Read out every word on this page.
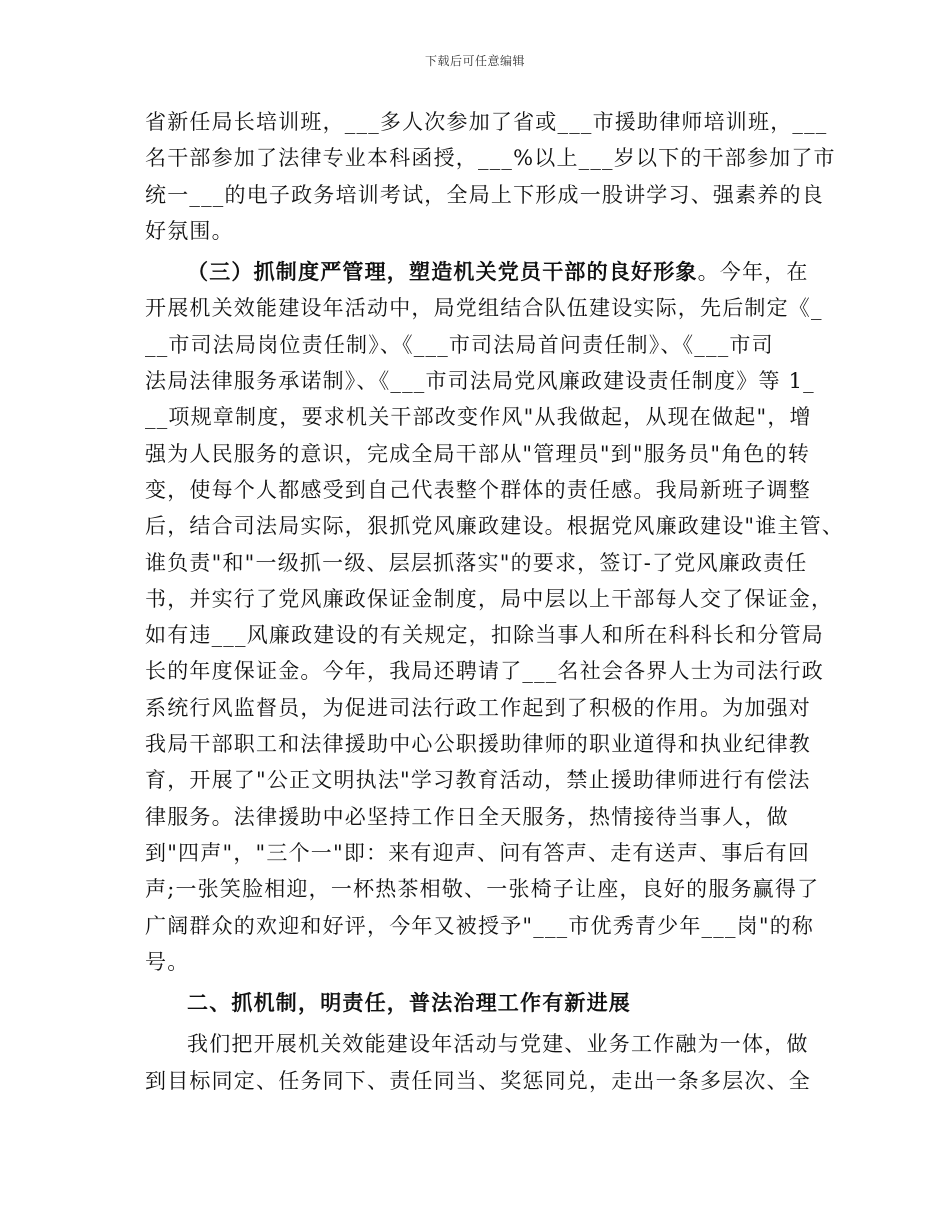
下载后可任意编辑
省新任局长培训班，___多人次参加了省或___市援助律师培训班，___
名干部参加了法律专业本科函授，___%以上___岁以下的干部参加了市
统一___的电子政务培训考试，全局上下形成一股讲学习、强素养的良
好氛围。
（三）抓制度严管理，塑造机关党员干部的良好形象。今年，在
开展机关效能建设年活动中，局党组结合队伍建设实际，先后制定《_
__市司法局岗位责任制》、《___市司法局首问责任制》、《___市司
法局法律服务承诺制》、《___市司法局党风廉政建设责任制度》等 1_
__项规章制度，要求机关干部改变作风"从我做起，从现在做起"，增
强为人民服务的意识，完成全局干部从"管理员"到"服务员"角色的转
变，使每个人都感受到自己代表整个群体的责任感。我局新班子调整
后，结合司法局实际，狠抓党风廉政建设。根据党风廉政建设"谁主管、
谁负责"和"一级抓一级、层层抓落实"的要求，签订-了党风廉政责任
书，并实行了党风廉政保证金制度，局中层以上干部每人交了保证金，
如有违___风廉政建设的有关规定，扣除当事人和所在科科长和分管局
长的年度保证金。今年，我局还聘请了___名社会各界人士为司法行政
系统行风监督员，为促进司法行政工作起到了积极的作用。为加强对
我局干部职工和法律援助中心公职援助律师的职业道得和执业纪律教
育，开展了"公正文明执法"学习教育活动，禁止援助律师进行有偿法
律服务。法律援助中必坚持工作日全天服务，热情接待当事人，做
到"四声"，"三个一"即：来有迎声、问有答声、走有送声、事后有回
声;一张笑脸相迎，一杯热茶相敬、一张椅子让座，良好的服务赢得了
广阔群众的欢迎和好评，今年又被授予"___市优秀青少年___岗"的称
号。
二、抓机制，明责任，普法治理工作有新进展
我们把开展机关效能建设年活动与党建、业务工作融为一体，做
到目标同定、任务同下、责任同当、奖惩同兑，走出一条多层次、全
